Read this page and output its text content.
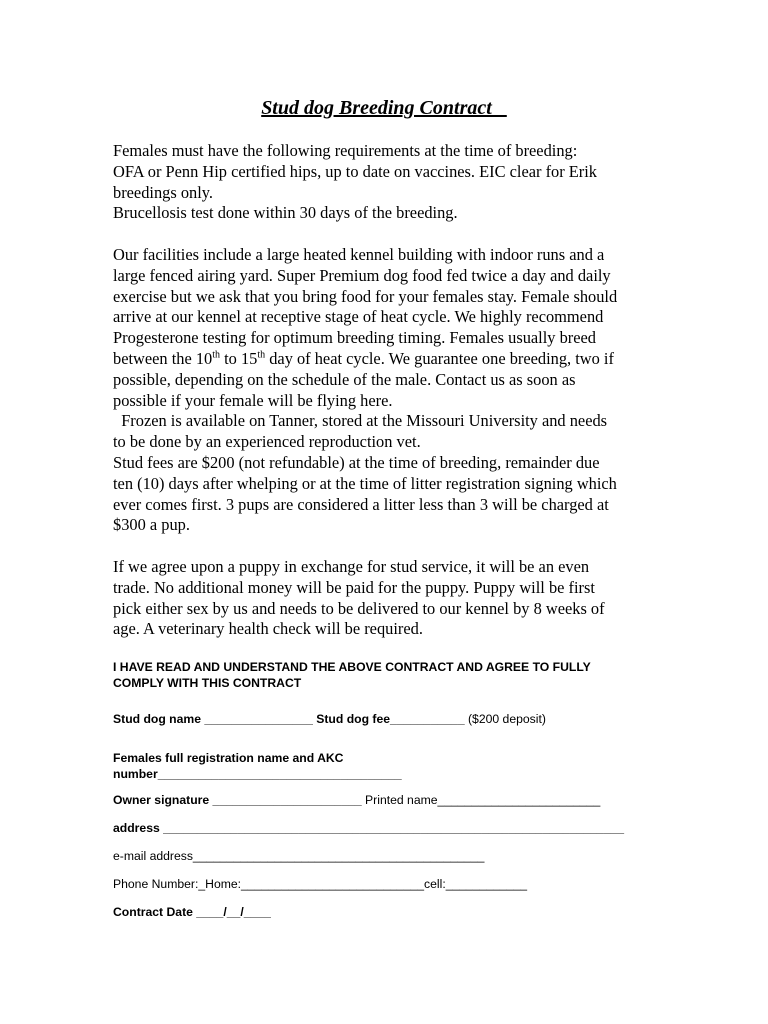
Stud dog Breeding Contract
Females must have the following requirements at the time of breeding:
OFA or Penn Hip certified hips, up to date on vaccines. EIC clear for Erik
breedings only.
Brucellosis test done within 30 days of the breeding.
Our facilities include a large heated kennel building with indoor runs and a
large fenced airing yard. Super Premium dog food fed twice a day and daily
exercise but we ask that you bring food for your females stay. Female should
arrive at our kennel at receptive stage of heat cycle. We highly recommend
Progesterone testing for optimum breeding timing. Females usually breed
between the 10th to 15th day of heat cycle. We guarantee one breeding, two if
possible, depending on the schedule of the male. Contact us as soon as
possible if your female will be flying here.
Frozen is available on Tanner, stored at the Missouri University and needs
to be done by an experienced reproduction vet.
Stud fees are $200 (not refundable) at the time of breeding, remainder due
ten (10) days after whelping or at the time of litter registration signing which
ever comes first. 3 pups are considered a litter less than 3 will be charged at
$300 a pup.
If we agree upon a puppy in exchange for stud service, it will be an even
trade. No additional money will be paid for the puppy. Puppy will be first
pick either sex by us and needs to be delivered to our kennel by 8 weeks of
age. A veterinary health check will be required.
I HAVE READ AND UNDERSTAND THE ABOVE CONTRACT AND AGREE TO FULLY
COMPLY WITH THIS CONTRACT
Stud dog name ________________ Stud dog fee___________ ($200 deposit)
Females full registration name and AKC
number____________________________________
Owner signature ______________________ Printed name________________________
address ____________________________________________________________________
e-mail address___________________________________________
Phone Number:_Home:___________________________cell:____________
Contract Date ____/__/____
